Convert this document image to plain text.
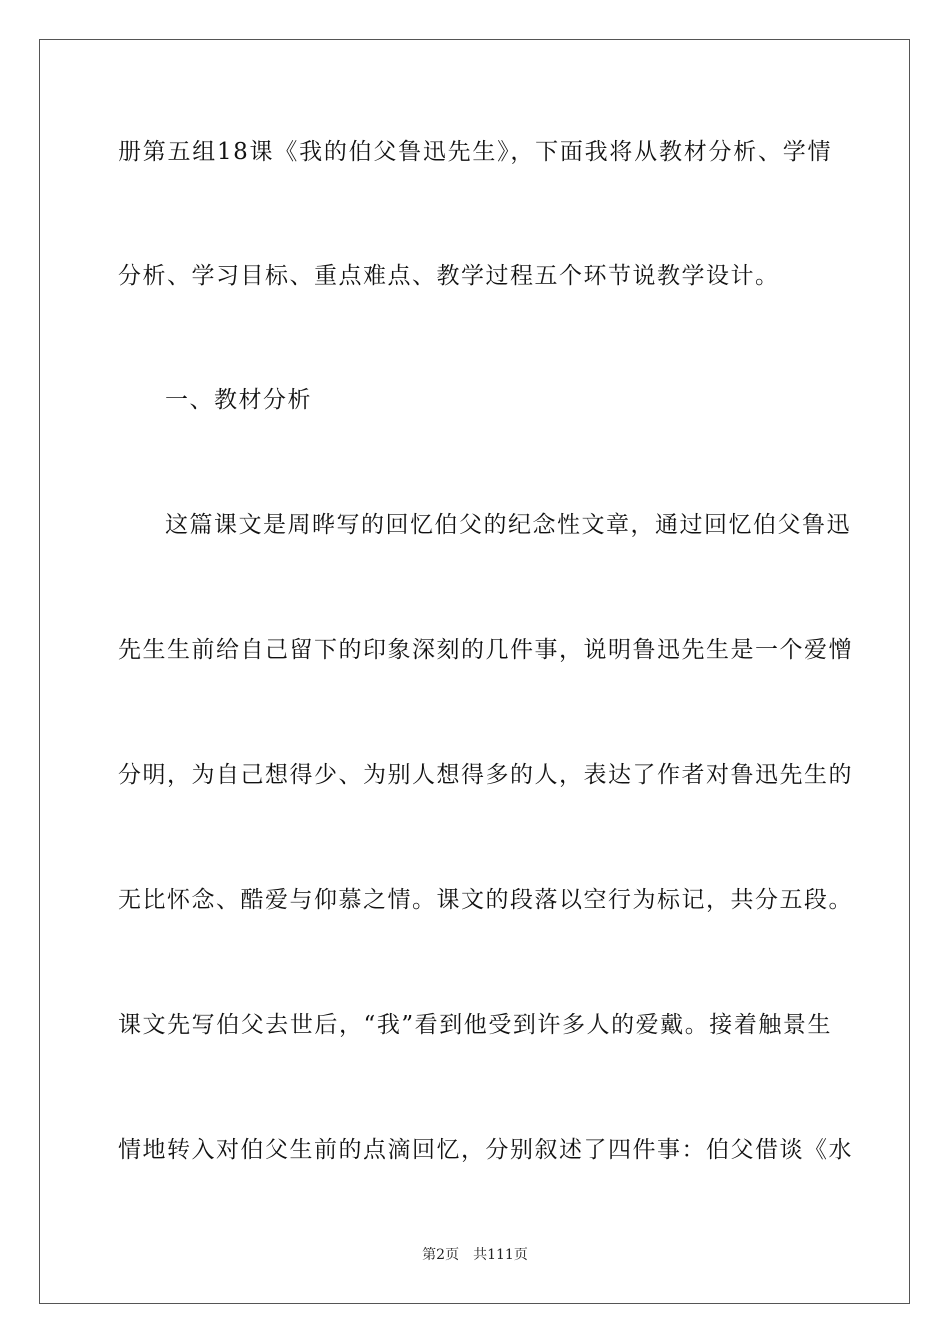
册第五组18课《我的伯父鲁迅先生》，下面我将从教材分析、学情
分析、学习目标、重点难点、教学过程五个环节说教学设计。
一、教材分析
这篇课文是周晔写的回忆伯父的纪念性文章，通过回忆伯父鲁迅
先生生前给自己留下的印象深刻的几件事，说明鲁迅先生是一个爱憎
分明，为自己想得少、为别人想得多的人，表达了作者对鲁迅先生的
无比怀念、酷爱与仰慕之情。课文的段落以空行为标记，共分五段。
课文先写伯父去世后，“我”看到他受到许多人的爱戴。接着触景生
情地转入对伯父生前的点滴回忆，分别叙述了四件事：伯父借谈《水
第2页 共111页
